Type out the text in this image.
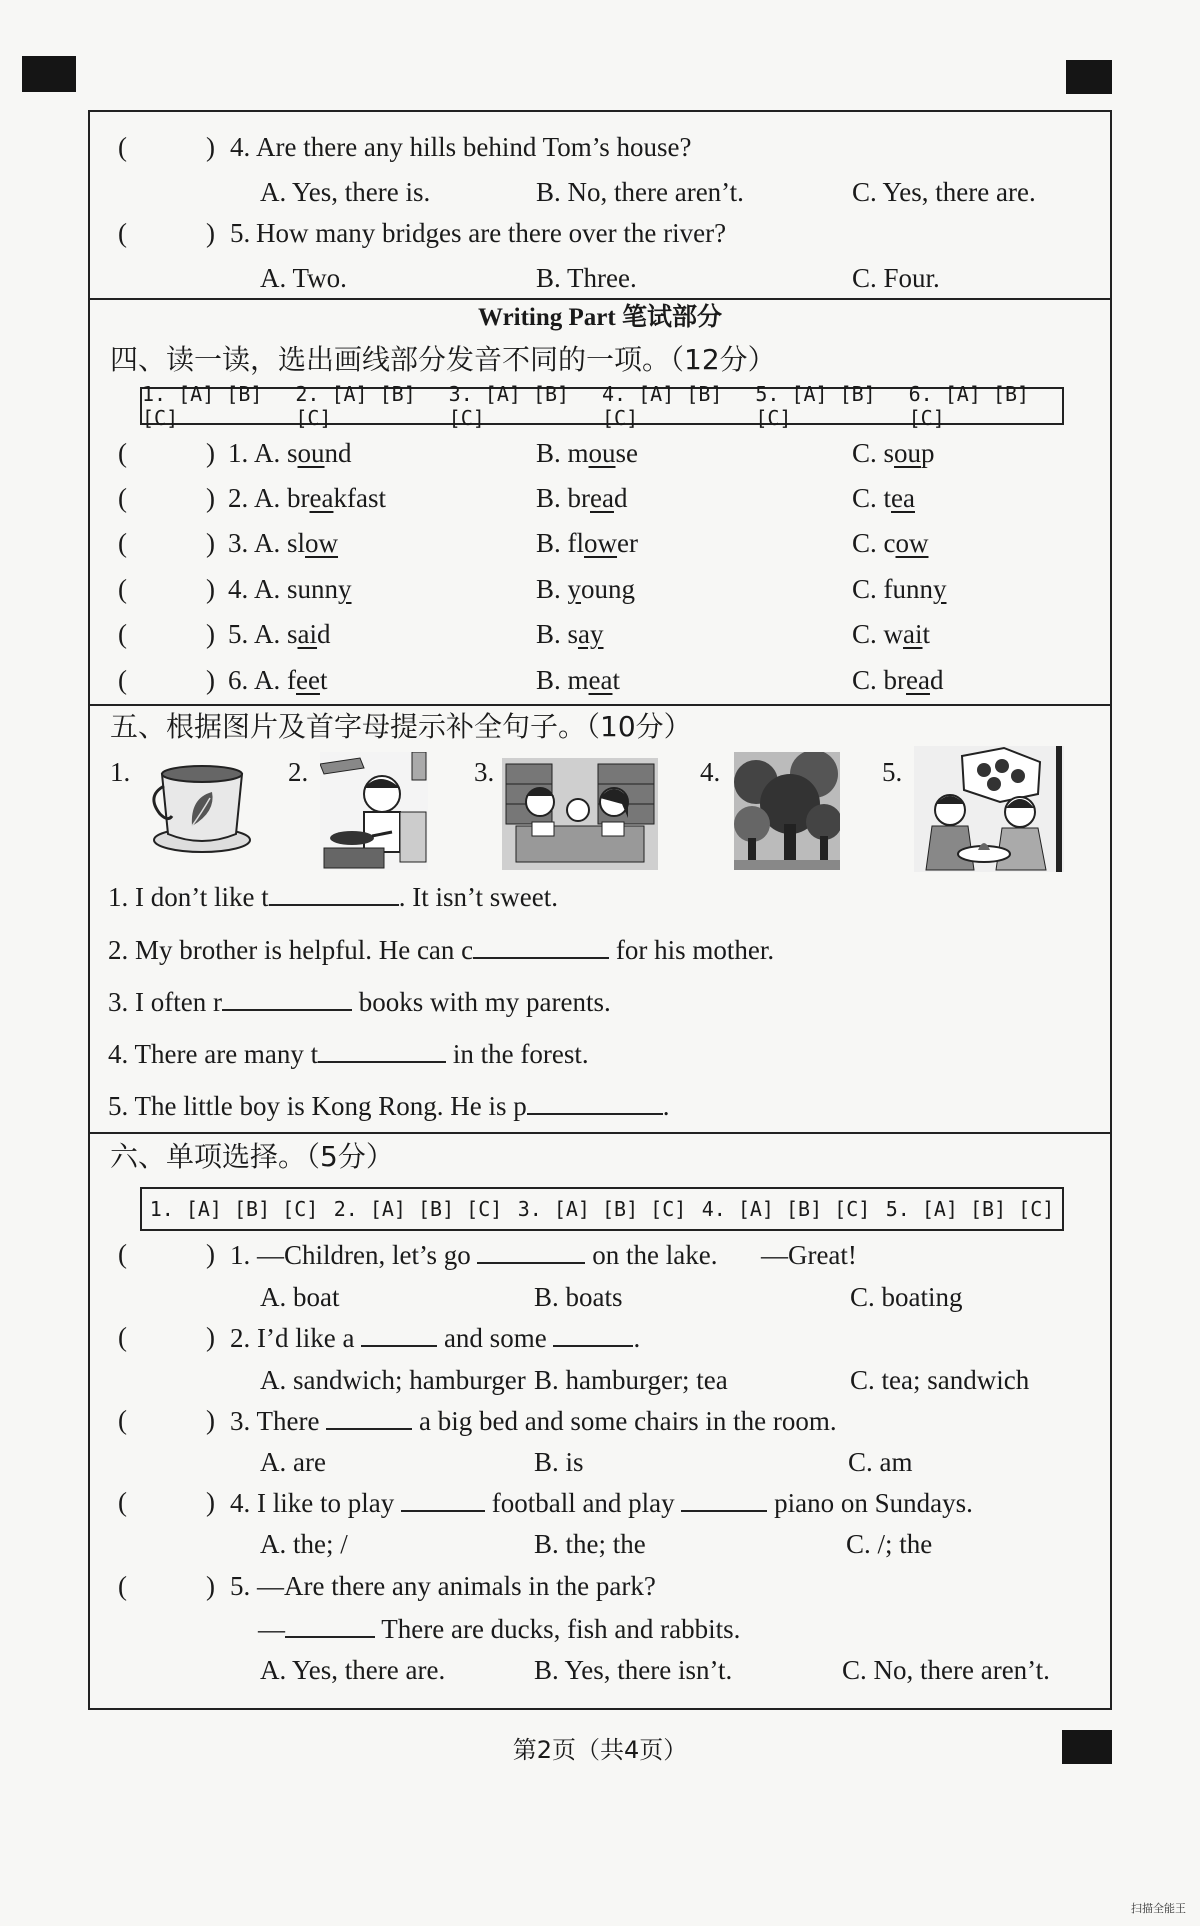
(	) 4. Are there any hills behind Tom’s house?
A. Yes, there is.	B. No, there aren’t.	C. Yes, there are.
(	) 5. How many bridges are there over the river?
A. Two.	B. Three.	C. Four.
Writing Part 笔试部分
四、读一读，选出画线部分发音不同的一项。（12分）
1. [A] [B] [C]
2. [A] [B] [C]
3. [A] [B] [C]
4. [A] [B] [C]
5. [A] [B] [C]
6. [A] [B] [C]
(	) 1. A. sound	B. mouse	C. soup
(	) 2. A. breakfast	B. bread	C. tea
(	) 3. A. slow	B. flower	C. cow
(	) 4. A. sunny	B. young	C. funny
(	) 5. A. said	B. say	C. wait
(	) 6. A. feet	B. meat	C. bread
五、根据图片及首字母提示补全句子。（10分）
1.	2.	3.	4.	5.
1. I don’t like t	. It isn’t sweet.
2. My brother is helpful. He can c	for his mother.
3. I often r	books with my parents.
4. There are many t	in the forest.
5. The little boy is Kong Rong. He is p	.
六、单项选择。（5分）
1. [A] [B] [C] 2. [A] [B] [C] 3. [A] [B] [C] 4. [A] [B] [C] 5. [A] [B] [C]
(	) 1. —Children, let’s go	on the lake. —Great!
A. boat	B. boats	C. boating
(	) 2. I’d like a	and some	.
A. sandwich; hamburger B. hamburger; tea	C. tea; sandwich
(	) 3. There	a big bed and some chairs in the room.
A. are	B. is	C. am
(	) 4. I like to play	football and play	piano on Sundays.
A. the; /	B. the; the	C. /; the
(	) 5. —Are there any animals in the park?
—	There are ducks, fish and rabbits.
A. Yes, there are.	B. Yes, there isn’t.	C. No, there aren’t.
第2页（共4页）
扫描全能王
